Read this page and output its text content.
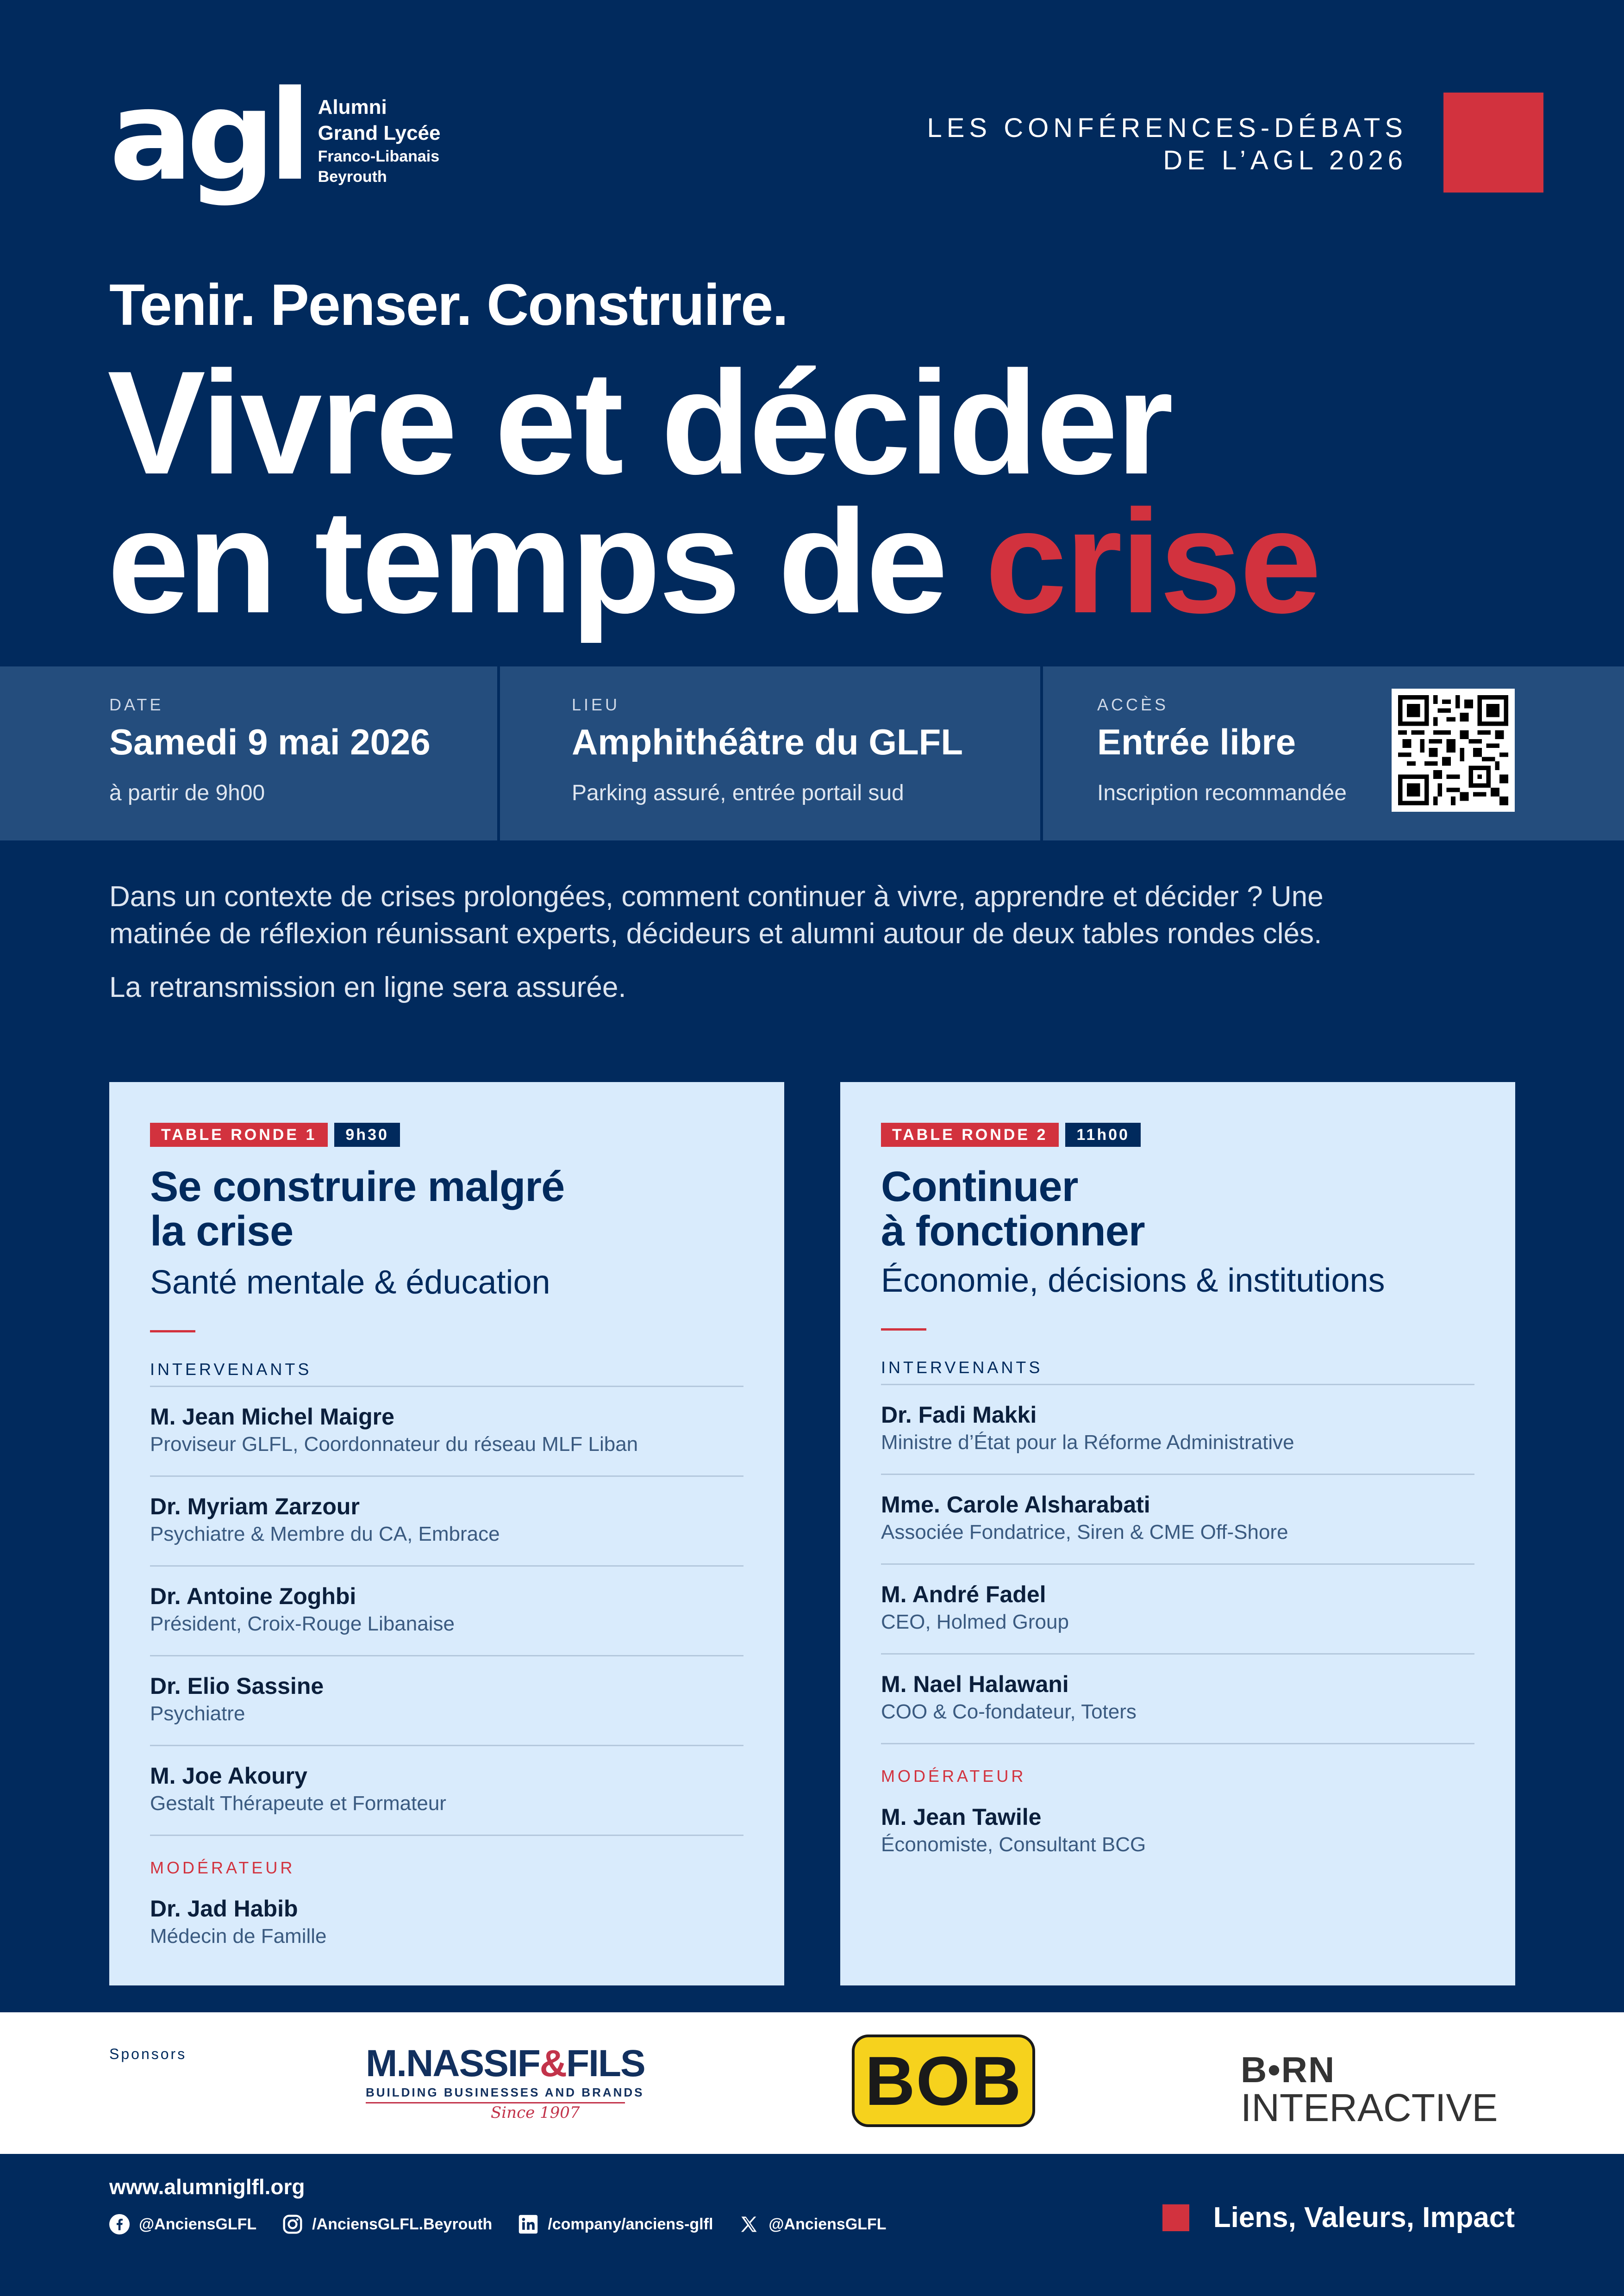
agl Alumni
Grand Lycée
Franco-Libanais
Beyrouth
LES CONFÉRENCES-DÉBATS
DE L’AGL 2026
Tenir. Penser. Construire.
Vivre et décider
en temps de crise
DATE
Samedi 9 mai 2026
à partir de 9h00
LIEU
Amphithéâtre du GLFL
Parking assuré, entrée portail sud
ACCÈS
Entrée libre
Inscription recommandée

Dans un contexte de crises prolongées, comment continuer à vivre, apprendre et décider ? Une matinée de réflexion réunissant experts, décideurs et alumni autour de deux tables rondes clés.

La retransmission en ligne sera assurée.

TABLE RONDE 1	9h30
Se construire malgré
la crise
Santé mentale & éducation
INTERVENANTS
M. Jean Michel Maigre
Proviseur GLFL, Coordonnateur du réseau MLF Liban
Dr. Myriam Zarzour
Psychiatre & Membre du CA, Embrace
Dr. Antoine Zoghbi
Président, Croix-Rouge Libanaise
Dr. Elio Sassine
Psychiatre
M. Joe Akoury
Gestalt Thérapeute et Formateur
MODÉRATEUR
Dr. Jad Habib
Médecin de Famille
TABLE RONDE 2	11h00
Continuer
à fonctionner
Économie, décisions & institutions
INTERVENANTS
Dr. Fadi Makki
Ministre d’État pour la Réforme Administrative
Mme. Carole Alsharabati
Associée Fondatrice, Siren & CME Off-Shore
M. André Fadel
CEO, Holmed Group
M. Nael Halawani
COO & Co-fondateur, Toters
MODÉRATEUR
M. Jean Tawile
Économiste, Consultant BCG
Sponsors	M.NASSIF&FILS
BUILDING BUSINESSES AND BRANDS
Since 1907	BOB	B•RN
INTERACTIVE
www.alumniglfl.org
@AnciensGLFL	/AnciensGLFL.Beyrouth	/company/anciens-glfl	@AnciensGLFL	Liens, Valeurs, Impact
